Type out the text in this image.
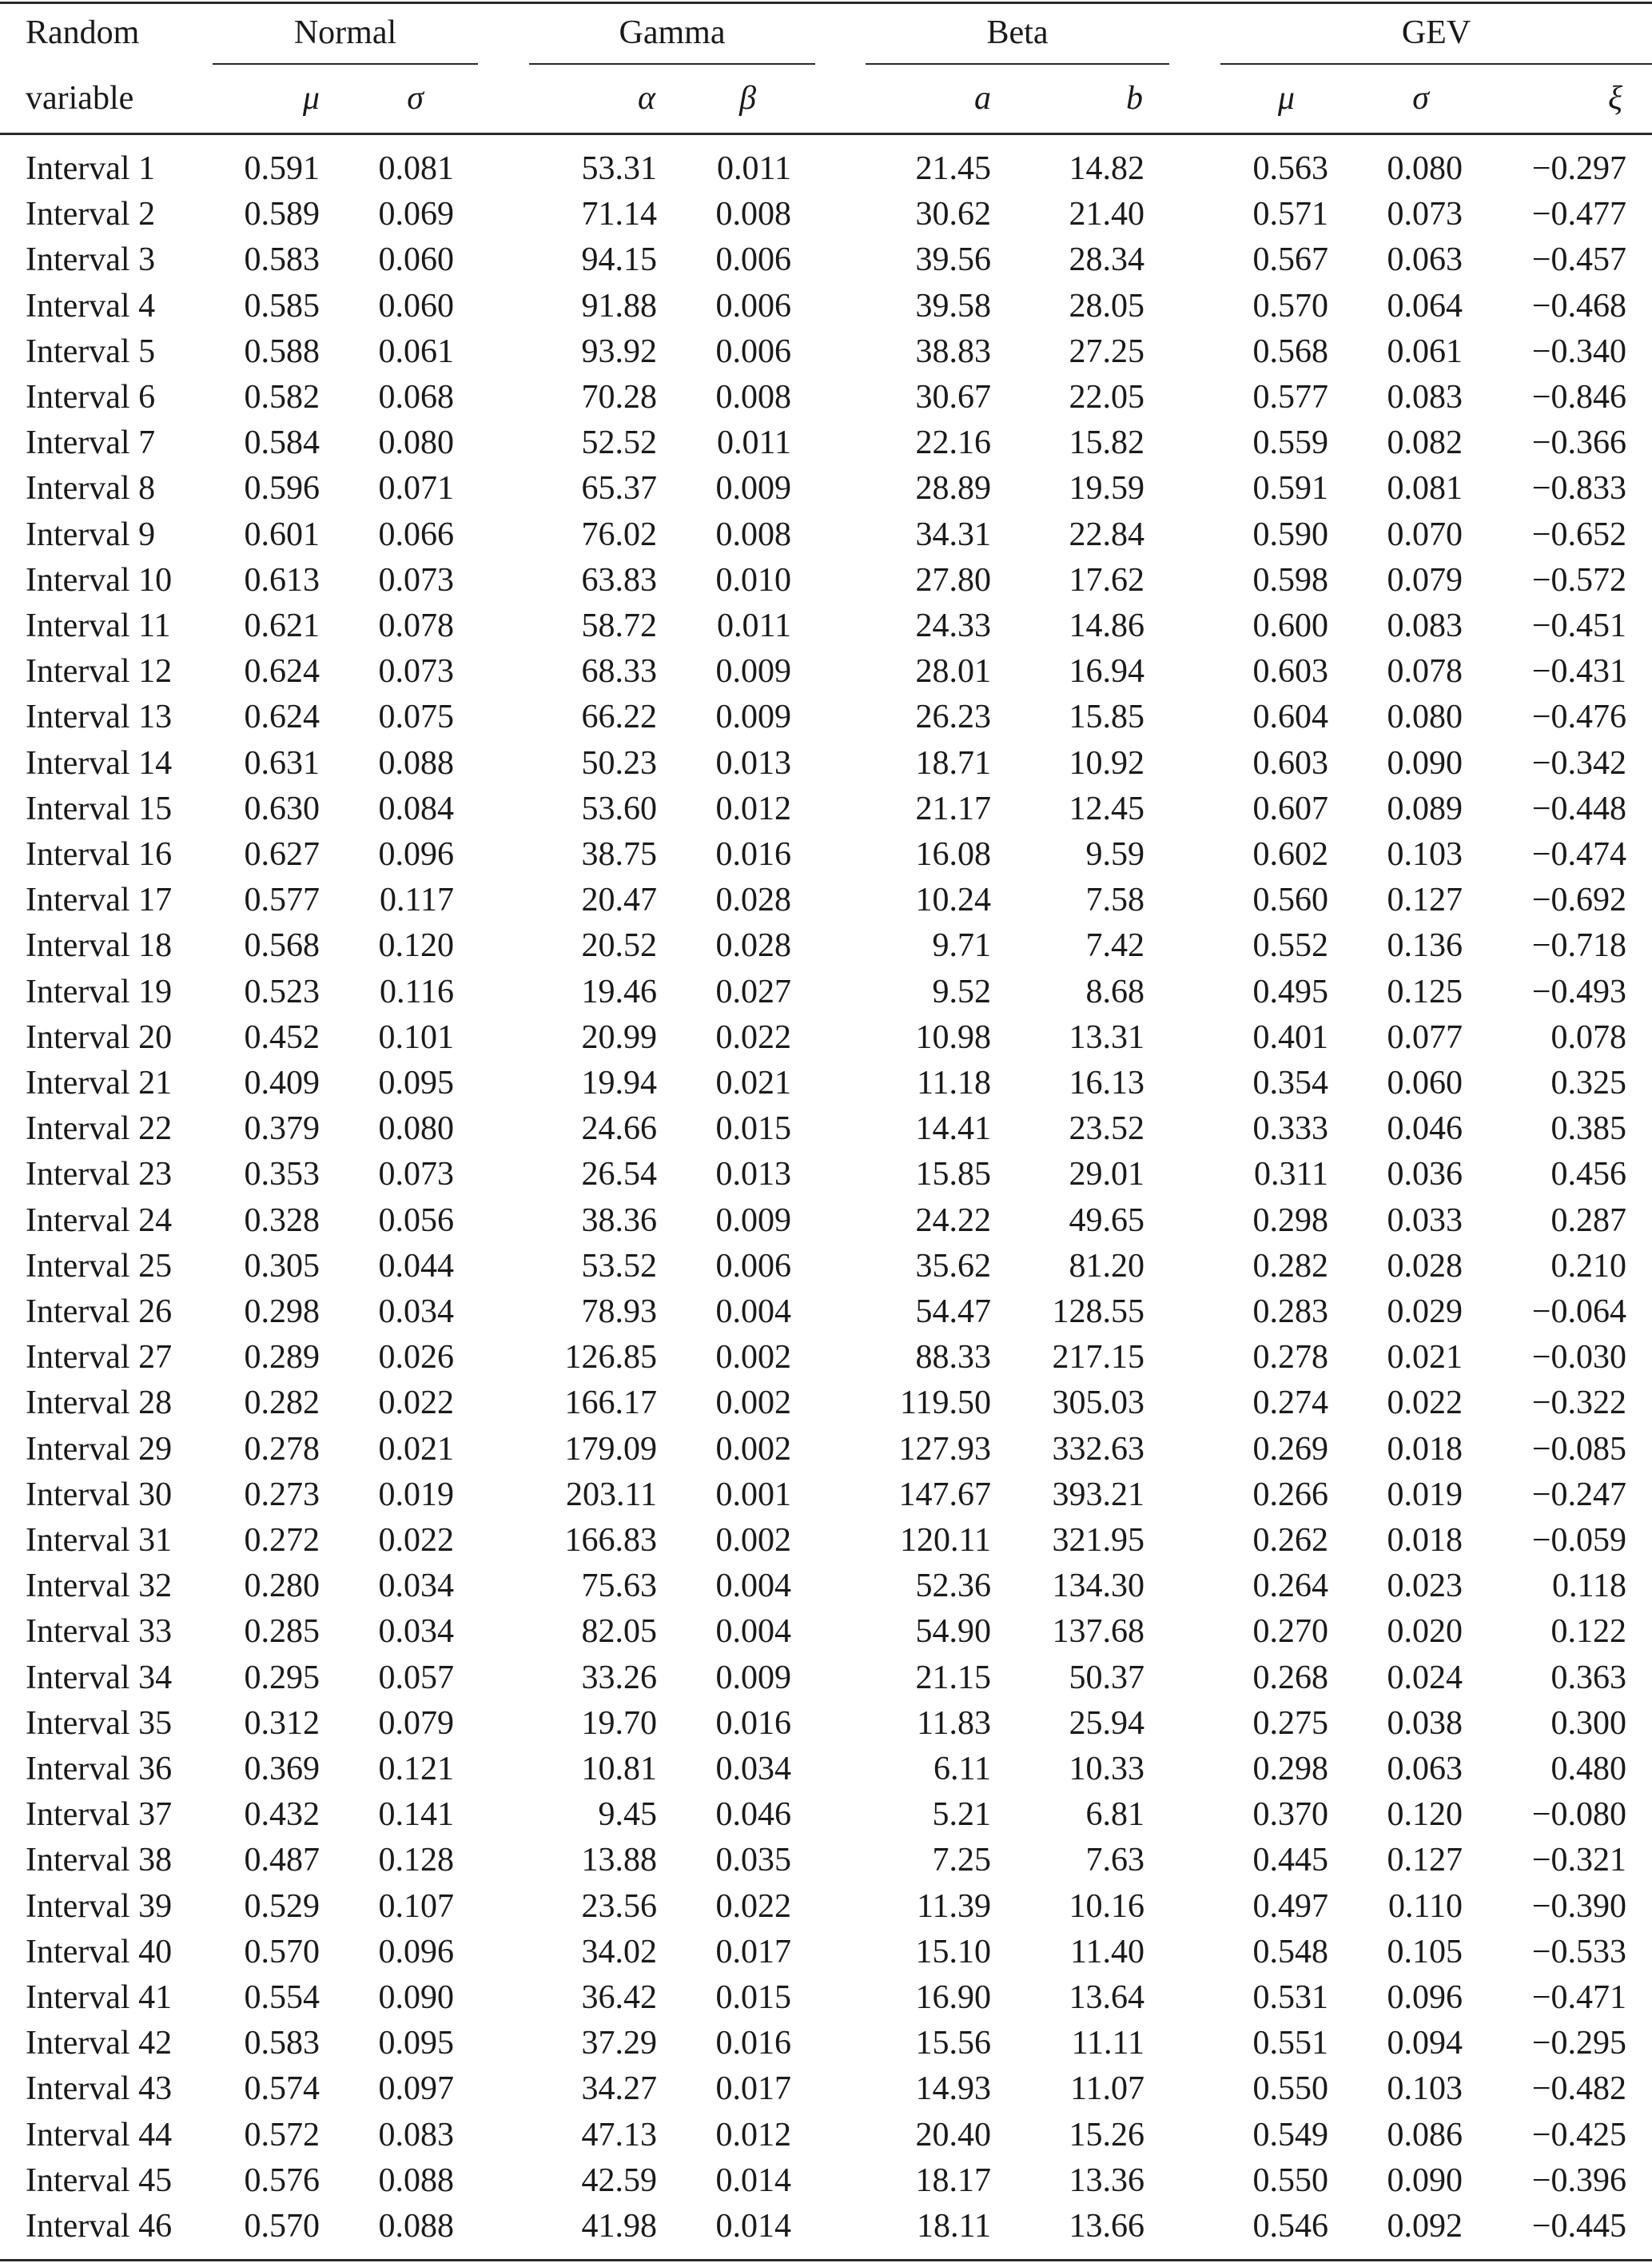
Random	Normal	Gamma	Beta	GEV
variable	μ	σ	α	β	a	b	μ	σ	ξ
Interval 1	0.591	0.081	53.31	0.011	21.45	14.82	0.563	0.080	−0.297
Interval 2	0.589	0.069	71.14	0.008	30.62	21.40	0.571	0.073	−0.477
Interval 3	0.583	0.060	94.15	0.006	39.56	28.34	0.567	0.063	−0.457
Interval 4	0.585	0.060	91.88	0.006	39.58	28.05	0.570	0.064	−0.468
Interval 5	0.588	0.061	93.92	0.006	38.83	27.25	0.568	0.061	−0.340
Interval 6	0.582	0.068	70.28	0.008	30.67	22.05	0.577	0.083	−0.846
Interval 7	0.584	0.080	52.52	0.011	22.16	15.82	0.559	0.082	−0.366
Interval 8	0.596	0.071	65.37	0.009	28.89	19.59	0.591	0.081	−0.833
Interval 9	0.601	0.066	76.02	0.008	34.31	22.84	0.590	0.070	−0.652
Interval 10	0.613	0.073	63.83	0.010	27.80	17.62	0.598	0.079	−0.572
Interval 11	0.621	0.078	58.72	0.011	24.33	14.86	0.600	0.083	−0.451
Interval 12	0.624	0.073	68.33	0.009	28.01	16.94	0.603	0.078	−0.431
Interval 13	0.624	0.075	66.22	0.009	26.23	15.85	0.604	0.080	−0.476
Interval 14	0.631	0.088	50.23	0.013	18.71	10.92	0.603	0.090	−0.342
Interval 15	0.630	0.084	53.60	0.012	21.17	12.45	0.607	0.089	−0.448
Interval 16	0.627	0.096	38.75	0.016	16.08	9.59	0.602	0.103	−0.474
Interval 17	0.577	0.117	20.47	0.028	10.24	7.58	0.560	0.127	−0.692
Interval 18	0.568	0.120	20.52	0.028	9.71	7.42	0.552	0.136	−0.718
Interval 19	0.523	0.116	19.46	0.027	9.52	8.68	0.495	0.125	−0.493
Interval 20	0.452	0.101	20.99	0.022	10.98	13.31	0.401	0.077	0.078
Interval 21	0.409	0.095	19.94	0.021	11.18	16.13	0.354	0.060	0.325
Interval 22	0.379	0.080	24.66	0.015	14.41	23.52	0.333	0.046	0.385
Interval 23	0.353	0.073	26.54	0.013	15.85	29.01	0.311	0.036	0.456
Interval 24	0.328	0.056	38.36	0.009	24.22	49.65	0.298	0.033	0.287
Interval 25	0.305	0.044	53.52	0.006	35.62	81.20	0.282	0.028	0.210
Interval 26	0.298	0.034	78.93	0.004	54.47	128.55	0.283	0.029	−0.064
Interval 27	0.289	0.026	126.85	0.002	88.33	217.15	0.278	0.021	−0.030
Interval 28	0.282	0.022	166.17	0.002	119.50	305.03	0.274	0.022	−0.322
Interval 29	0.278	0.021	179.09	0.002	127.93	332.63	0.269	0.018	−0.085
Interval 30	0.273	0.019	203.11	0.001	147.67	393.21	0.266	0.019	−0.247
Interval 31	0.272	0.022	166.83	0.002	120.11	321.95	0.262	0.018	−0.059
Interval 32	0.280	0.034	75.63	0.004	52.36	134.30	0.264	0.023	0.118
Interval 33	0.285	0.034	82.05	0.004	54.90	137.68	0.270	0.020	0.122
Interval 34	0.295	0.057	33.26	0.009	21.15	50.37	0.268	0.024	0.363
Interval 35	0.312	0.079	19.70	0.016	11.83	25.94	0.275	0.038	0.300
Interval 36	0.369	0.121	10.81	0.034	6.11	10.33	0.298	0.063	0.480
Interval 37	0.432	0.141	9.45	0.046	5.21	6.81	0.370	0.120	−0.080
Interval 38	0.487	0.128	13.88	0.035	7.25	7.63	0.445	0.127	−0.321
Interval 39	0.529	0.107	23.56	0.022	11.39	10.16	0.497	0.110	−0.390
Interval 40	0.570	0.096	34.02	0.017	15.10	11.40	0.548	0.105	−0.533
Interval 41	0.554	0.090	36.42	0.015	16.90	13.64	0.531	0.096	−0.471
Interval 42	0.583	0.095	37.29	0.016	15.56	11.11	0.551	0.094	−0.295
Interval 43	0.574	0.097	34.27	0.017	14.93	11.07	0.550	0.103	−0.482
Interval 44	0.572	0.083	47.13	0.012	20.40	15.26	0.549	0.086	−0.425
Interval 45	0.576	0.088	42.59	0.014	18.17	13.36	0.550	0.090	−0.396
Interval 46	0.570	0.088	41.98	0.014	18.11	13.66	0.546	0.092	−0.445
